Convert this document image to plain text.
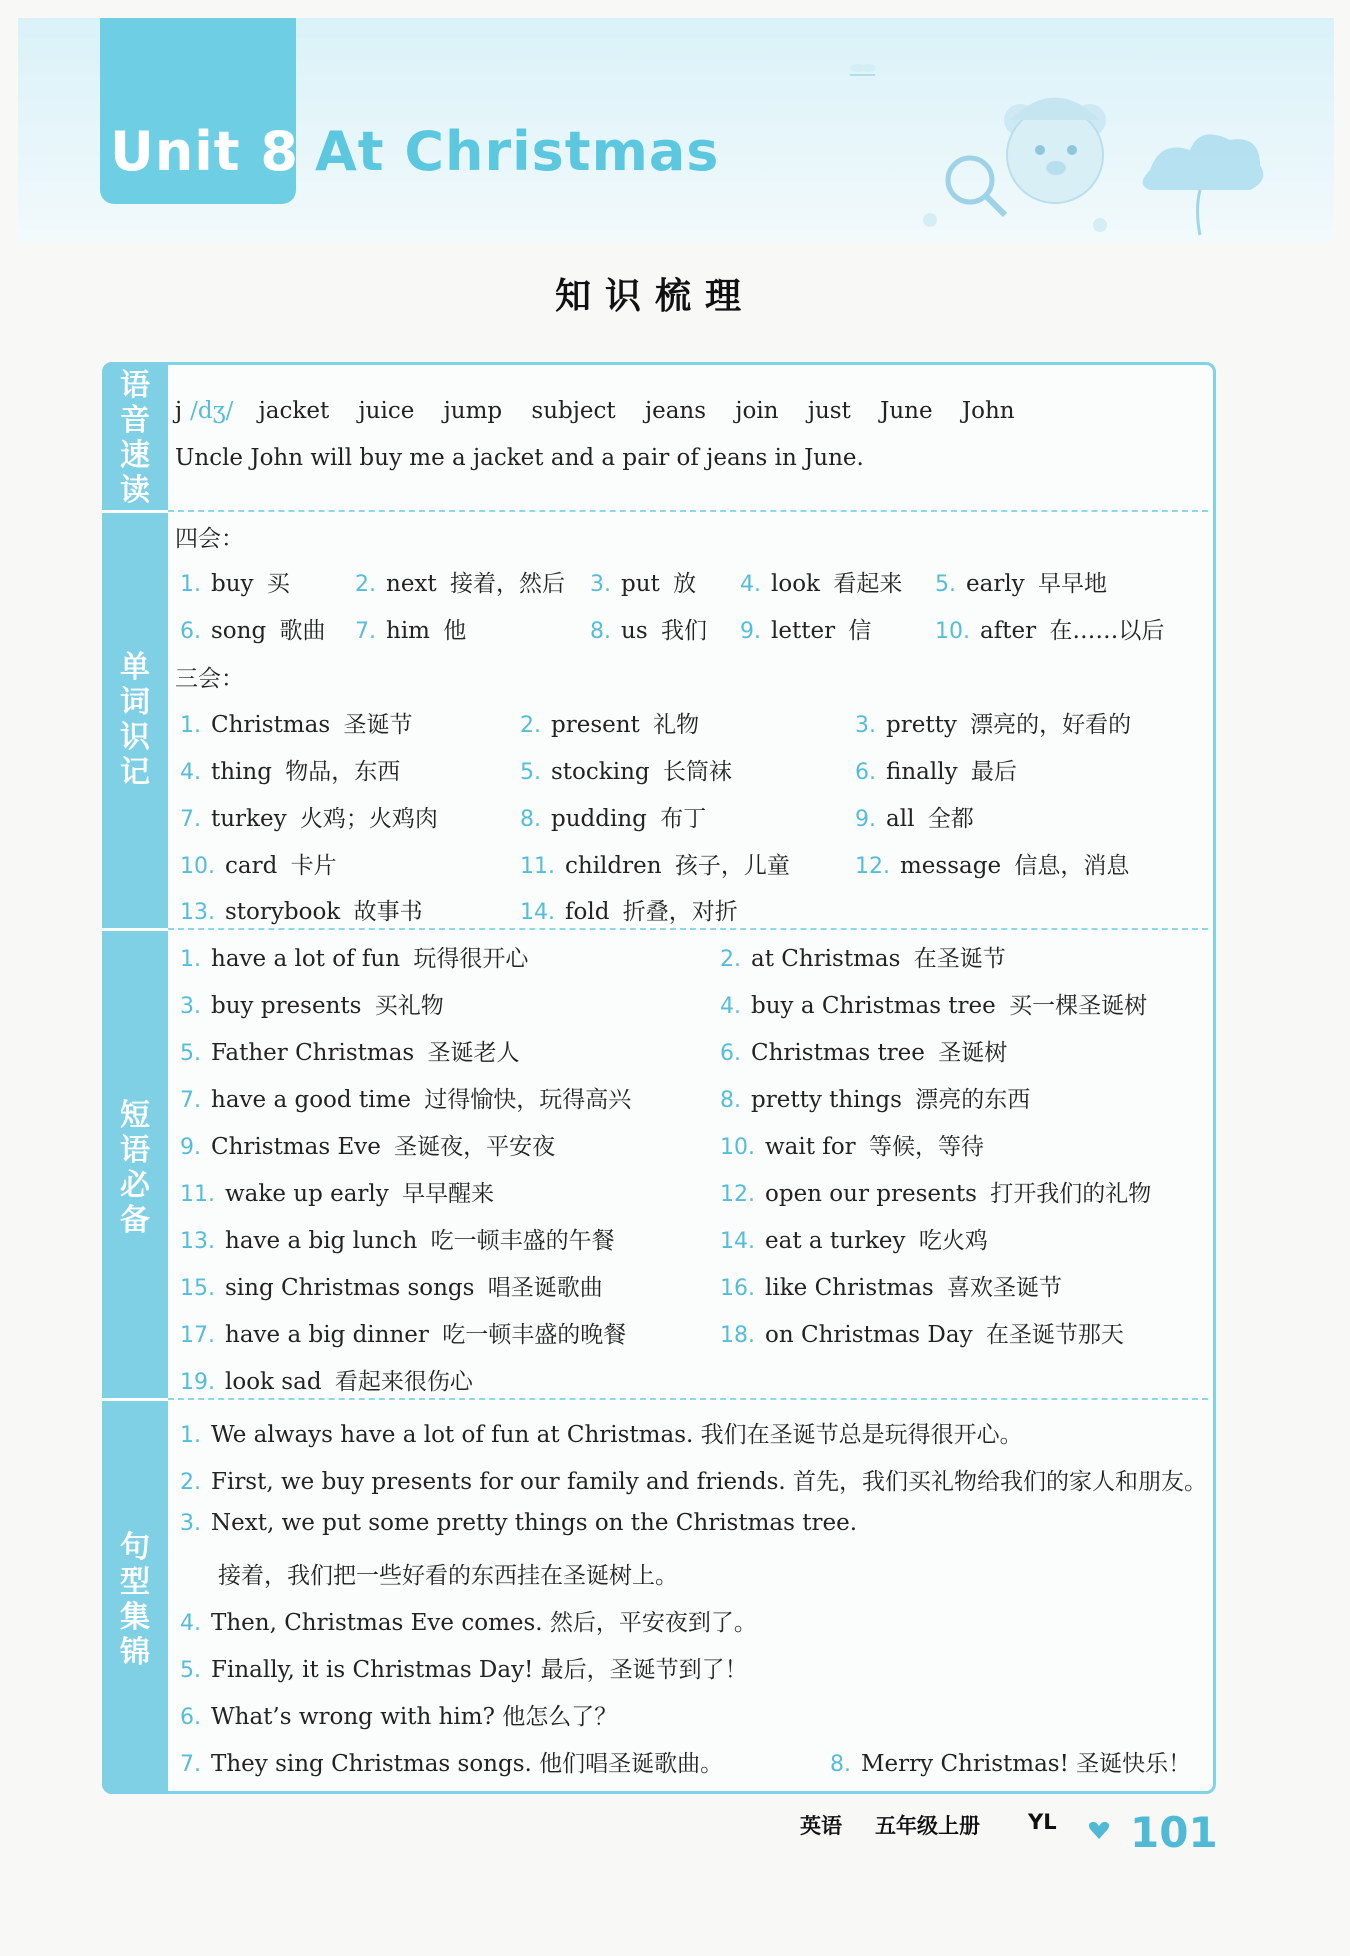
Unit 8 At Christmas
知识梳理
语音速读
单词识记
短语必备
句型集锦
j /dʒ/ jacket juice jump subject jeans join just June John
Uncle John will buy me a jacket and a pair of jeans in June.
四会：
1. buy 买	2. next 接着，然后 3. put 放 4. look 看起来 5. early 早早地
6. song 歌曲 7. him 他	8. us 我们 9. letter 信	10. after 在……以后
三会：
1. Christmas 圣诞节	2. present 礼物	3. pretty 漂亮的，好看的
4. thing 物品，东西	5. stocking 长筒袜	6. finally 最后
7. turkey 火鸡；火鸡肉	8. pudding 布丁	9. all 全都
10. card 卡片	11. children 孩子，儿童	12. message 信息，消息
13. storybook 故事书	14. fold 折叠，对折
1. have a lot of fun 玩得很开心	2. at Christmas 在圣诞节
3. buy presents 买礼物	4. buy a Christmas tree 买一棵圣诞树
5. Father Christmas 圣诞老人	6. Christmas tree 圣诞树
7. have a good time 过得愉快，玩得高兴	8. pretty things 漂亮的东西
9. Christmas Eve 圣诞夜，平安夜	10. wait for 等候，等待
11. wake up early 早早醒来	12. open our presents 打开我们的礼物
13. have a big lunch 吃一顿丰盛的午餐	14. eat a turkey 吃火鸡
15. sing Christmas songs 唱圣诞歌曲	16. like Christmas 喜欢圣诞节
17. have a big dinner 吃一顿丰盛的晚餐	18. on Christmas Day 在圣诞节那天
19. look sad 看起来很伤心
1. We always have a lot of fun at Christmas. 我们在圣诞节总是玩得很开心。
2. First, we buy presents for our family and friends. 首先，我们买礼物给我们的家人和朋友。
3. Next, we put some pretty things on the Christmas tree.
接着，我们把一些好看的东西挂在圣诞树上。
4. Then, Christmas Eve comes. 然后，平安夜到了。
5. Finally, it is Christmas Day! 最后，圣诞节到了！
6. What’s wrong with him? 他怎么了？
7. They sing Christmas songs. 他们唱圣诞歌曲。	8. Merry Christmas! 圣诞快乐！
英语 五年级上册 YL 101
